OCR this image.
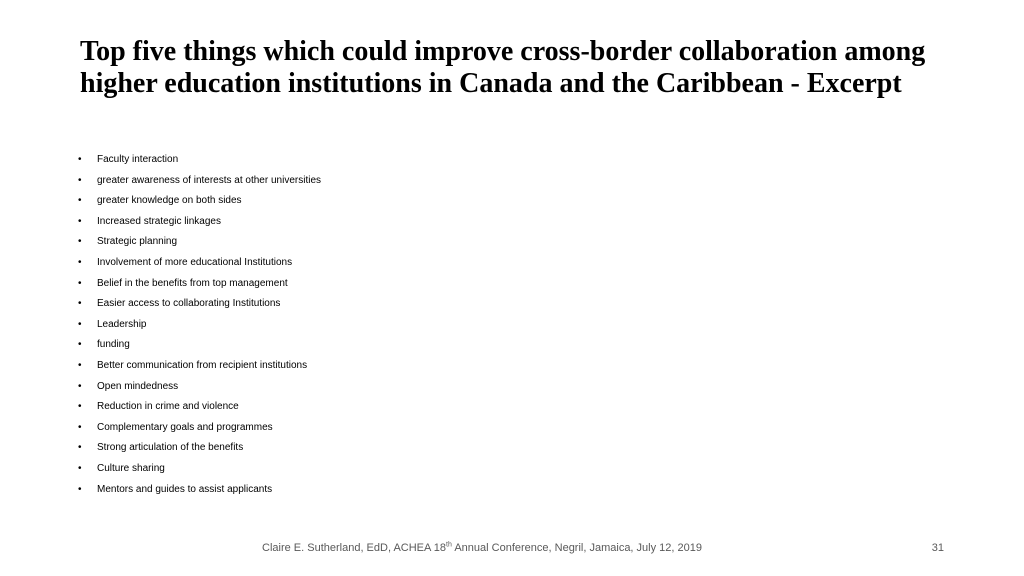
Top five things which could improve cross-border collaboration among higher education institutions in Canada and the Caribbean - Excerpt
• Faculty interaction
• greater awareness of interests at other universities
• greater knowledge on both sides
• Increased strategic linkages
• Strategic planning
• Involvement of more educational Institutions
• Belief in the benefits from top management
• Easier access to collaborating Institutions
• Leadership
• funding
• Better communication from recipient institutions
• Open mindedness
• Reduction in crime and violence
• Complementary goals and programmes
• Strong articulation of the benefits
• Culture sharing
• Mentors and guides to assist applicants
Claire E. Sutherland, EdD, ACHEA 18th Annual Conference, Negril, Jamaica, July 12, 2019	31
